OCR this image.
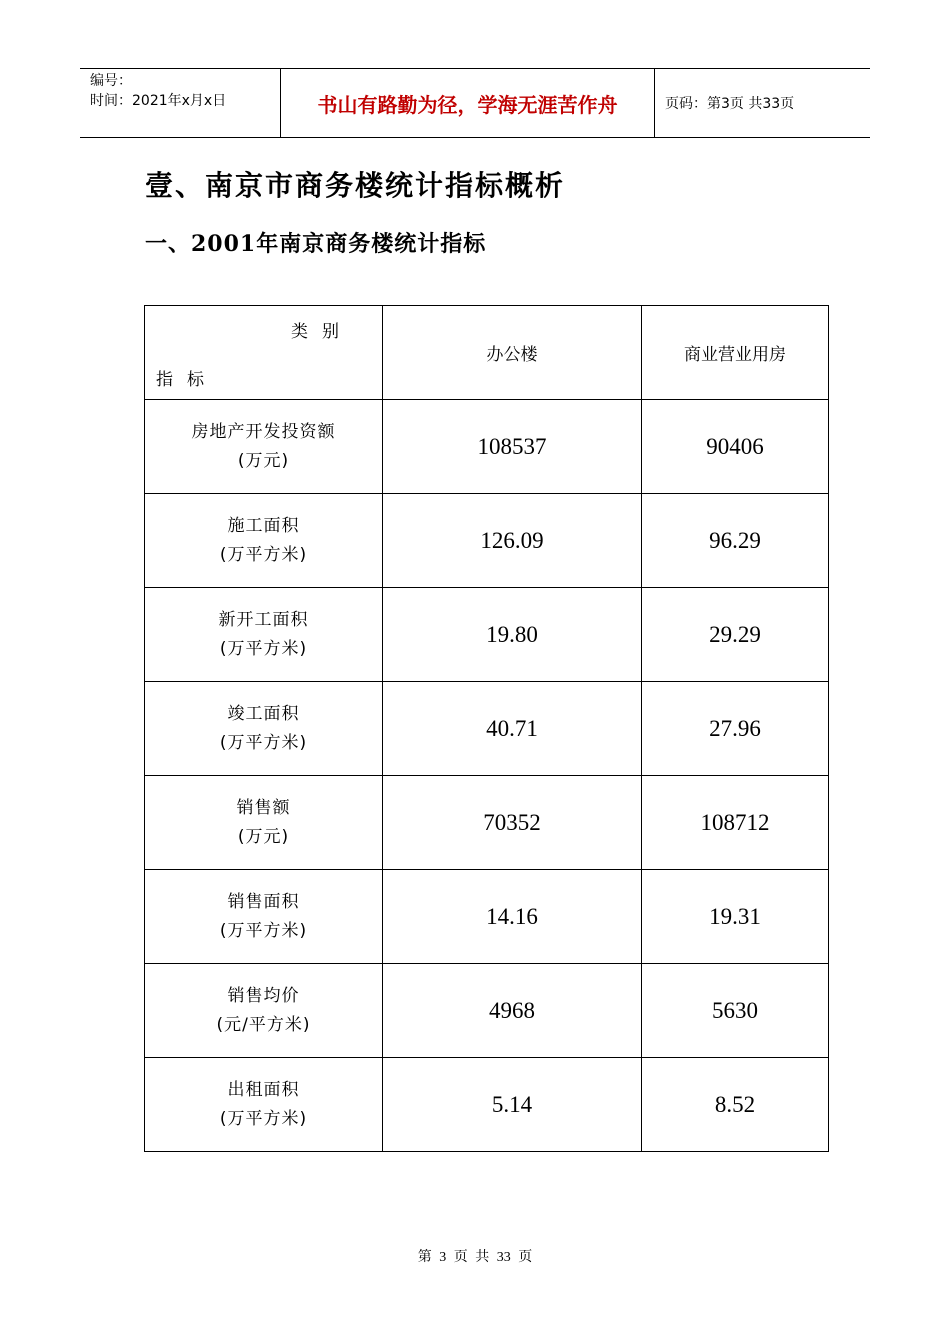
编号：
时间：2021年x月x日	书山有路勤为径，学海无涯苦作舟	页码：第3页 共33页
壹、南京市商务楼统计指标概析
一、2001年南京商务楼统计指标
类别
指标	办公楼	商业营业用房

房地产开发投资额
(万元)	108537	90406

施工面积
(万平方米)	126.09	96.29

新开工面积
(万平方米)	19.80	29.29

竣工面积
(万平方米)	40.71	27.96

销售额
(万元)	70352	108712

销售面积
(万平方米)	14.16	19.31

销售均价
(元/平方米)	4968	5630

出租面积
(万平方米)	5.14	8.52
第 3 页 共 33 页
